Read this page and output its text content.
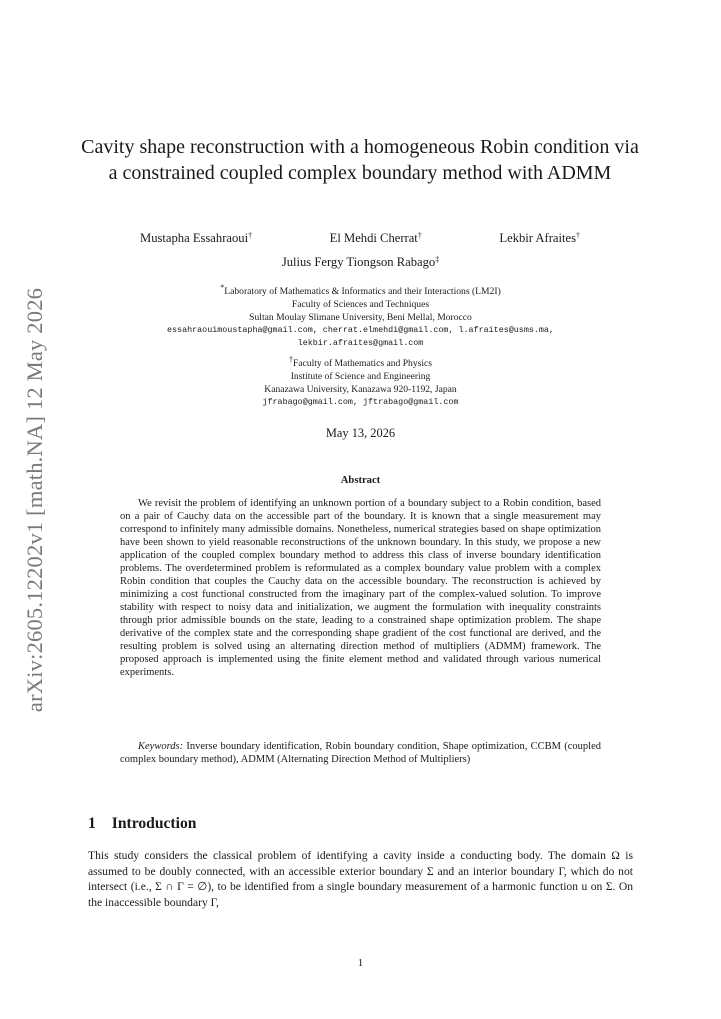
arXiv:2605.12202v1 [math.NA] 12 May 2026
Cavity shape reconstruction with a homogeneous Robin condition via a constrained coupled complex boundary method with ADMM
Mustapha Essahraoui†	El Mehdi Cherrat†	Lekbir Afraites†
Julius Fergy Tiongson Rabago‡
*Laboratory of Mathematics & Informatics and their Interactions (LM2I)
Faculty of Sciences and Techniques
Sultan Moulay Slimane University, Beni Mellal, Morocco
essahraouimoustapha@gmail.com, cherrat.elmehdi@gmail.com, l.afraites@usms.ma,
lekbir.afraites@gmail.com
†Faculty of Mathematics and Physics
Institute of Science and Engineering
Kanazawa University, Kanazawa 920-1192, Japan
jfrabago@gmail.com, jftrabago@gmail.com
May 13, 2026
Abstract

We revisit the problem of identifying an unknown portion of a boundary subject to a Robin condition, based on a pair of Cauchy data on the accessible part of the boundary. It is known that a single measurement may correspond to infinitely many admissible domains. Nonetheless, numerical strategies based on shape optimization have been shown to yield reasonable reconstructions of the unknown boundary. In this study, we propose a new application of the coupled complex boundary method to address this class of inverse boundary identification problems. The overdetermined problem is reformulated as a complex boundary value problem with a complex Robin condition that couples the Cauchy data on the accessible boundary. The reconstruction is achieved by minimizing a cost functional constructed from the imaginary part of the complex-valued solution. To improve stability with respect to noisy data and initialization, we augment the formulation with inequality constraints through prior admissible bounds on the state, leading to a constrained shape optimization problem. The shape derivative of the complex state and the corresponding shape gradient of the cost functional are derived, and the resulting problem is solved using an alternating direction method of multipliers (ADMM) framework. The proposed approach is implemented using the finite element method and validated through various numerical experiments.

Keywords: Inverse boundary identification, Robin boundary condition, Shape optimization, CCBM (coupled complex boundary method), ADMM (Alternating Direction Method of Multipliers)

1 Introduction

This study considers the classical problem of identifying a cavity inside a conducting body. The domain Ω is assumed to be doubly connected, with an accessible exterior boundary Σ and an interior boundary Γ, which do not intersect (i.e., Σ ∩ Γ = ∅), to be identified from a single boundary measurement of a harmonic function u on Σ. On the inaccessible boundary Γ,

1
